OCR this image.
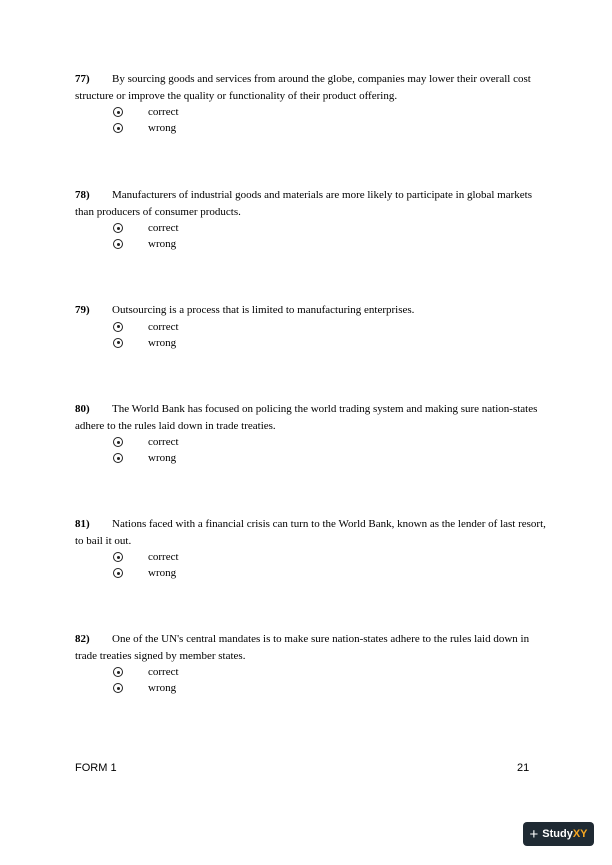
77) By sourcing goods and services from around the globe, companies may lower their overall cost structure or improve the quality or functionality of their product offering.

correct
wrong

78) Manufacturers of industrial goods and materials are more likely to participate in global markets than producers of consumer products.

correct
wrong

79) Outsourcing is a process that is limited to manufacturing enterprises.

correct
wrong

80) The World Bank has focused on policing the world trading system and making sure nation-states adhere to the rules laid down in trade treaties.

correct
wrong

81) Nations faced with a financial crisis can turn to the World Bank, known as the lender of last resort, to bail it out.

correct
wrong

82) One of the UN's central mandates is to make sure nation-states adhere to the rules laid down in trade treaties signed by member states.

correct
wrong
FORM 1	21
+ Study XY
